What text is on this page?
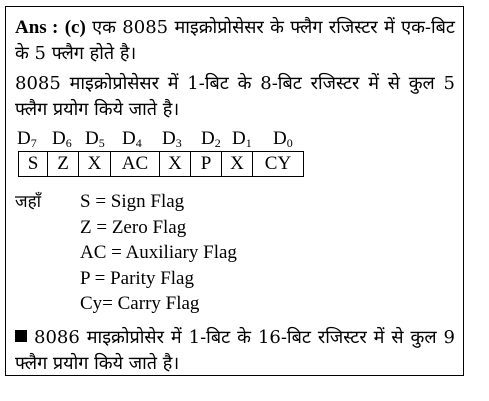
Ans : (c) एक 8085 माइक्रोप्रोसेसर के फ्लैग रजिस्टर में एक-बिट के 5 फ्लैग होते है।
8085 माइक्रोप्रोसेसर में 1-बिट के 8-बिट रजिस्टर में से कुल 5 फ्लैग प्रयोग किये जाते है।
$D_7$ $D_6$ $D_5$ $D_4$ $D_3$ $D_2$ $D_1$ $D_0$
S	Z	X	AC	X	P	X	CY
जहाँ S = Sign Flag
Z = Zero Flag
AC = Auxiliary Flag
P = Parity Flag
Cy= Carry Flag
8086 माइक्रोप्रोसेर में 1-बिट के 16-बिट रजिस्टर में से कुल 9 फ्लैग प्रयोग किये जाते है।
